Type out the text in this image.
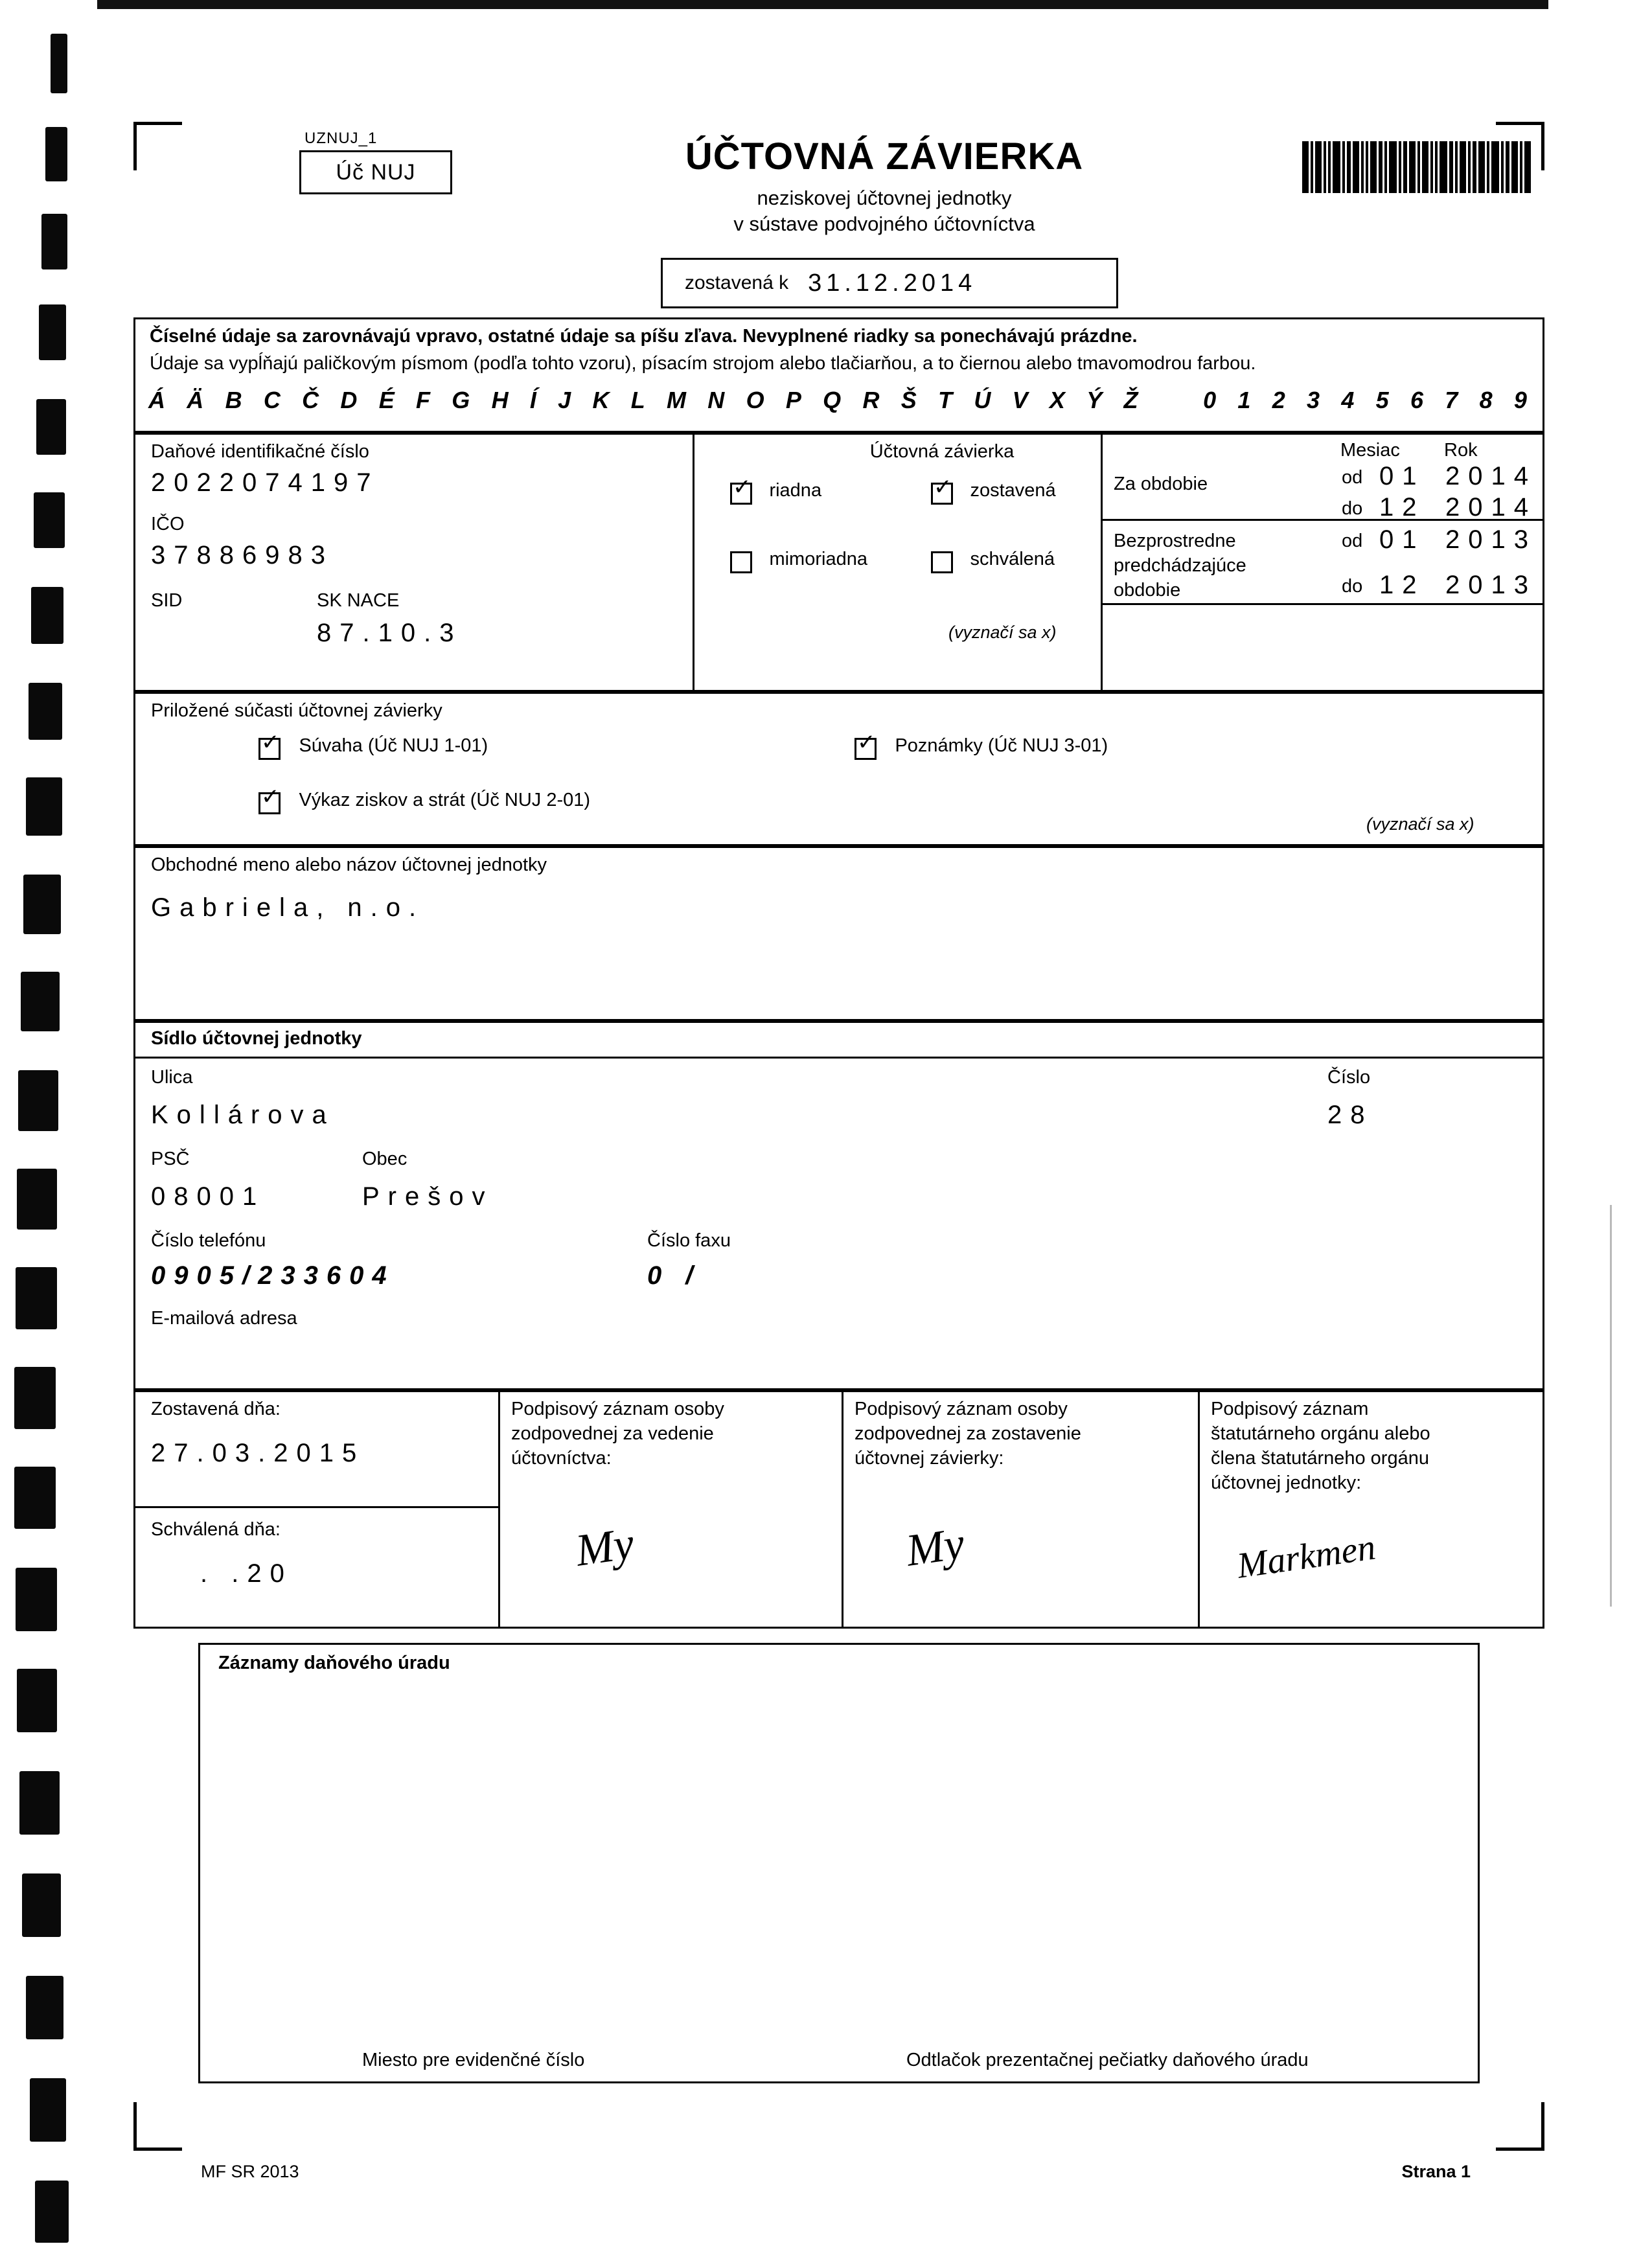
UZNUJ_1
Úč NUJ	ÚČTOVNÁ ZÁVIERKA
neziskovej účtovnej jednotky
v sústave podvojného účtovníctva
zostavená k 31.12.2014
Číselné údaje sa zarovnávajú vpravo, ostatné údaje sa píšu zľava. Nevyplnené riadky sa ponechávajú prázdne.
Údaje sa vypĺňajú paličkovým písmom (podľa tohto vzoru), písacím strojom alebo tlačiarňou, a to čiernou alebo tmavomodrou farbou.
Á Ä B C Č D É F G H Í J K L M N O P Q R Š T Ú V X Ý Ž	0 1 2 3 4 5 6 7 8 9
Daňové identifikačné číslo
2022074197
IČO
37886983
SID	SK NACE
87.10.3
Účtovná závierka
✓ riadna ✓	zostavená
mimoriadna	schválená
(vyznačí sa x)
Mesiac Rok
Za obdobie	od 01 2014
do 12 2014
Bezprostredne
predchádzajúce
obdobie
od 01 2013
do 12 2013
Priložené súčasti účtovnej závierky
✓ Súvaha (Úč NUJ 1-01) ✓	Poznámky (Úč NUJ 3-01)
✓ Výkaz ziskov a strát (Úč NUJ 2-01)
(vyznačí sa x)
Obchodné meno alebo názov účtovnej jednotky
Gabriela, n.o.
Sídlo účtovnej jednotky
Ulica
Kollárova
Číslo
28
PSČ	Obec
08001	Prešov
Číslo telefónu	Číslo faxu
0905/233604	0 /
E-mailová adresa
Zostavená dňa:
27.03.2015
Schválená dňa:
. .20
Podpisový záznam osoby
zodpovednej za vedenie
účtovníctva:
My
Podpisový záznam osoby
zodpovednej za zostavenie
účtovnej závierky:
My
Podpisový záznam
štatutárneho orgánu alebo
člena štatutárneho orgánu
účtovnej jednotky:
Markmen
Záznamy daňového úradu
Miesto pre evidenčné číslo	Odtlačok prezentačnej pečiatky daňového úradu
MF SR 2013	Strana 1
